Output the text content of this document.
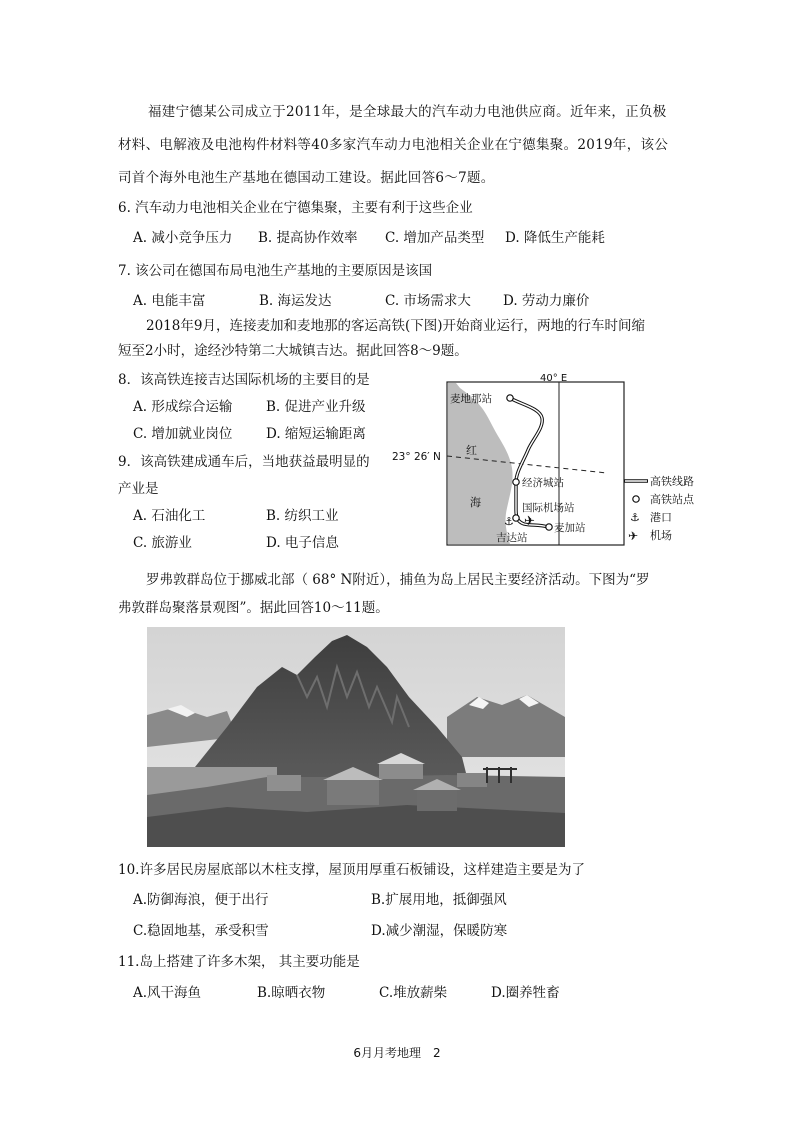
福建宁德某公司成立于2011年，是全球最大的汽车动力电池供应商。近年来，正负极
材料、电解液及电池构件材料等40多家汽车动力电池相关企业在宁德集聚。2019年，该公
司首个海外电池生产基地在德国动工建设。据此回答6～7题。
6. 汽车动力电池相关企业在宁德集聚，主要有利于这些企业
A. 减小竞争压力 B. 提高协作效率 C. 增加产品类型 D. 降低生产能耗
7. 该公司在德国布局电池生产基地的主要原因是该国
A. 电能丰富	B. 海运发达	C. 市场需求大 D. 劳动力廉价
2018年9月，连接麦加和麦地那的客运高铁(下图)开始商业运行，两地的行车时间缩
短至2小时，途经沙特第二大城镇吉达。据此回答8～9题。
8．该高铁连接吉达国际机场的主要目的是
A. 形成综合运输 B. 促进产业升级
C. 增加就业岗位 D. 缩短运输距离
9．该高铁建成通车后，当地获益最明显的
产业是
A. 石油化工	B. 纺织工业
C. 旅游业	D. 电子信息
40° E
23° 26′ N
⚓ ✈
麦地那站
红
海
经济城站
国际机场站
麦加站
吉达站
高铁线路
高铁站点
⚓ 港口
✈ 机场
罗弗敦群岛位于挪威北部（ 68° N附近），捕鱼为岛上居民主要经济活动。下图为“罗
弗敦群岛聚落景观图”。据此回答10～11题。
10.许多居民房屋底部以木柱支撑，屋顶用厚重石板铺设，这样建造主要是为了
A.防御海浪，便于出行	B.扩展用地，抵御强风
C.稳固地基，承受积雪	D.减少潮湿，保暖防寒
11.岛上搭建了许多木架， 其主要功能是
A.风干海鱼	B.晾晒衣物	C.堆放薪柴	D.圈养牲畜
6月月考地理　2
